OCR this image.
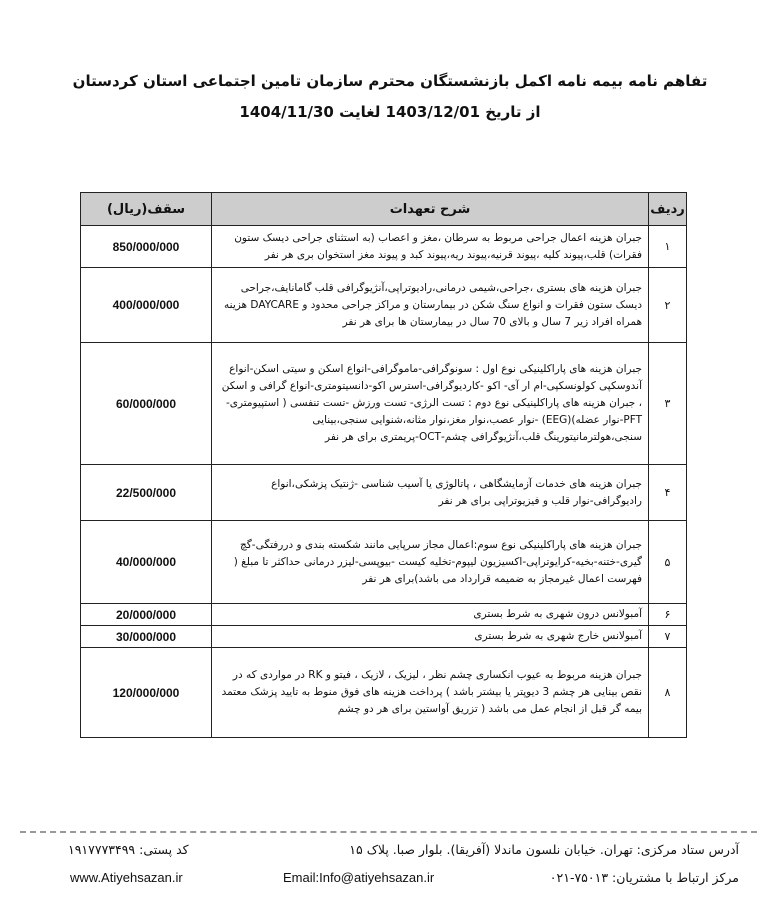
تفاهم نامه بیمه نامه اکمل بازنشستگان محترم سازمان تامین اجتماعی استان کردستان
از تاریخ 1403/12/01 لغایت 1404/11/30
ردیف	شرح تعهدات	سقف(ریال)
۱	جبران هزینه اعمال جراحی مربوط به سرطان ،مغز و اعصاب (به استثنای جراحی دیسک ستون فقرات) قلب،پیوند کلیه ،پیوند قرنیه،پیوند ریه،پیوند کبد و پیوند مغز استخوان بری هر نفر	850/000/000
۲	جبران هزینه های بستری ،جراحی،شیمی درمانی،رادیوتراپی،آنژیوگرافی قلب گامانایف،جراحی دیسک ستون فقرات و انواع سنگ شکن در بیمارستان و مراکز جراحی محدود و DAYCARE هزینه همراه افراد زیر 7 سال و بالای 70 سال در بیمارستان ها برای هر نفر	400/000/000
۳	جبران هزینه های پاراکلینیکی نوع اول : سونوگرافی-ماموگرافی-انواع اسکن و سیتی اسکن-انواع آندوسکپی کولونسکپی-ام ار آی- اکو -کاردیوگرافی-استرس اکو-دانسیتومتری-انواع گرافی و اسکن ، جبران هزینه های پاراکلینیکی نوع دوم : تست الرژی- تست ورزش -تست تنفسی ( استپیومتری-PFT-نوار عضله)(EEG) -نوار عصب،نوار مغز،نوار مثانه،شنوایی سنجی،بینایی سنجی،هولترمانیتورینگ قلب،آنژیوگرافی چشم-OCT-پریمتری برای هر نفر	60/000/000
۴	جبران هزینه های خدمات آزمایشگاهی ، پاتالوژی یا آسیب شناسی -ژنتیک پزشکی،انواع رادیوگرافی-نوار قلب و فیزیوتراپی برای هر نفر	22/500/000
۵	جبران هزینه های پاراکلینیکی نوع سوم:اعمال مجاز سرپایی مانند شکسته بندی و دررفتگی-گچ گیری-ختنه-بخیه-کرایوتراپی-اکسیزیون لیپوم-تخلیه کیست -بیوپسی-لیزر درمانی حداکثر تا مبلغ ( فهرست اعمال غیرمجاز به ضمیمه قرارداد می باشد)برای هر نفر	40/000/000
۶	آمبولانس درون شهری به شرط بستری	20/000/000
۷	آمبولانس خارج شهری به شرط بستری	30/000/000
۸	جبران هزینه مربوط به عیوب انکساری چشم نظر ، لیزیک ، لازیک ، فیتو و RK در مواردی که در نقص بینایی هر چشم 3 دیوپتر یا بیشتر باشد ) پرداخت هزینه های فوق منوط به تایید پزشک معتمد بیمه گر قبل از انجام عمل می باشد ( تزریق آواستین برای هر دو چشم	120/000/000
آدرس ستاد مرکزی: تهران. خیابان نلسون ماندلا (آفریقا). بلوار صبا. پلاک ۱۵
کد پستی: ۱۹۱۷۷۷۳۴۹۹
مرکز ارتباط با مشتریان: ۷۵۰۱۳-۰۲۱
Email:Info@atiyehsazan.ir
www.Atiyehsazan.ir
